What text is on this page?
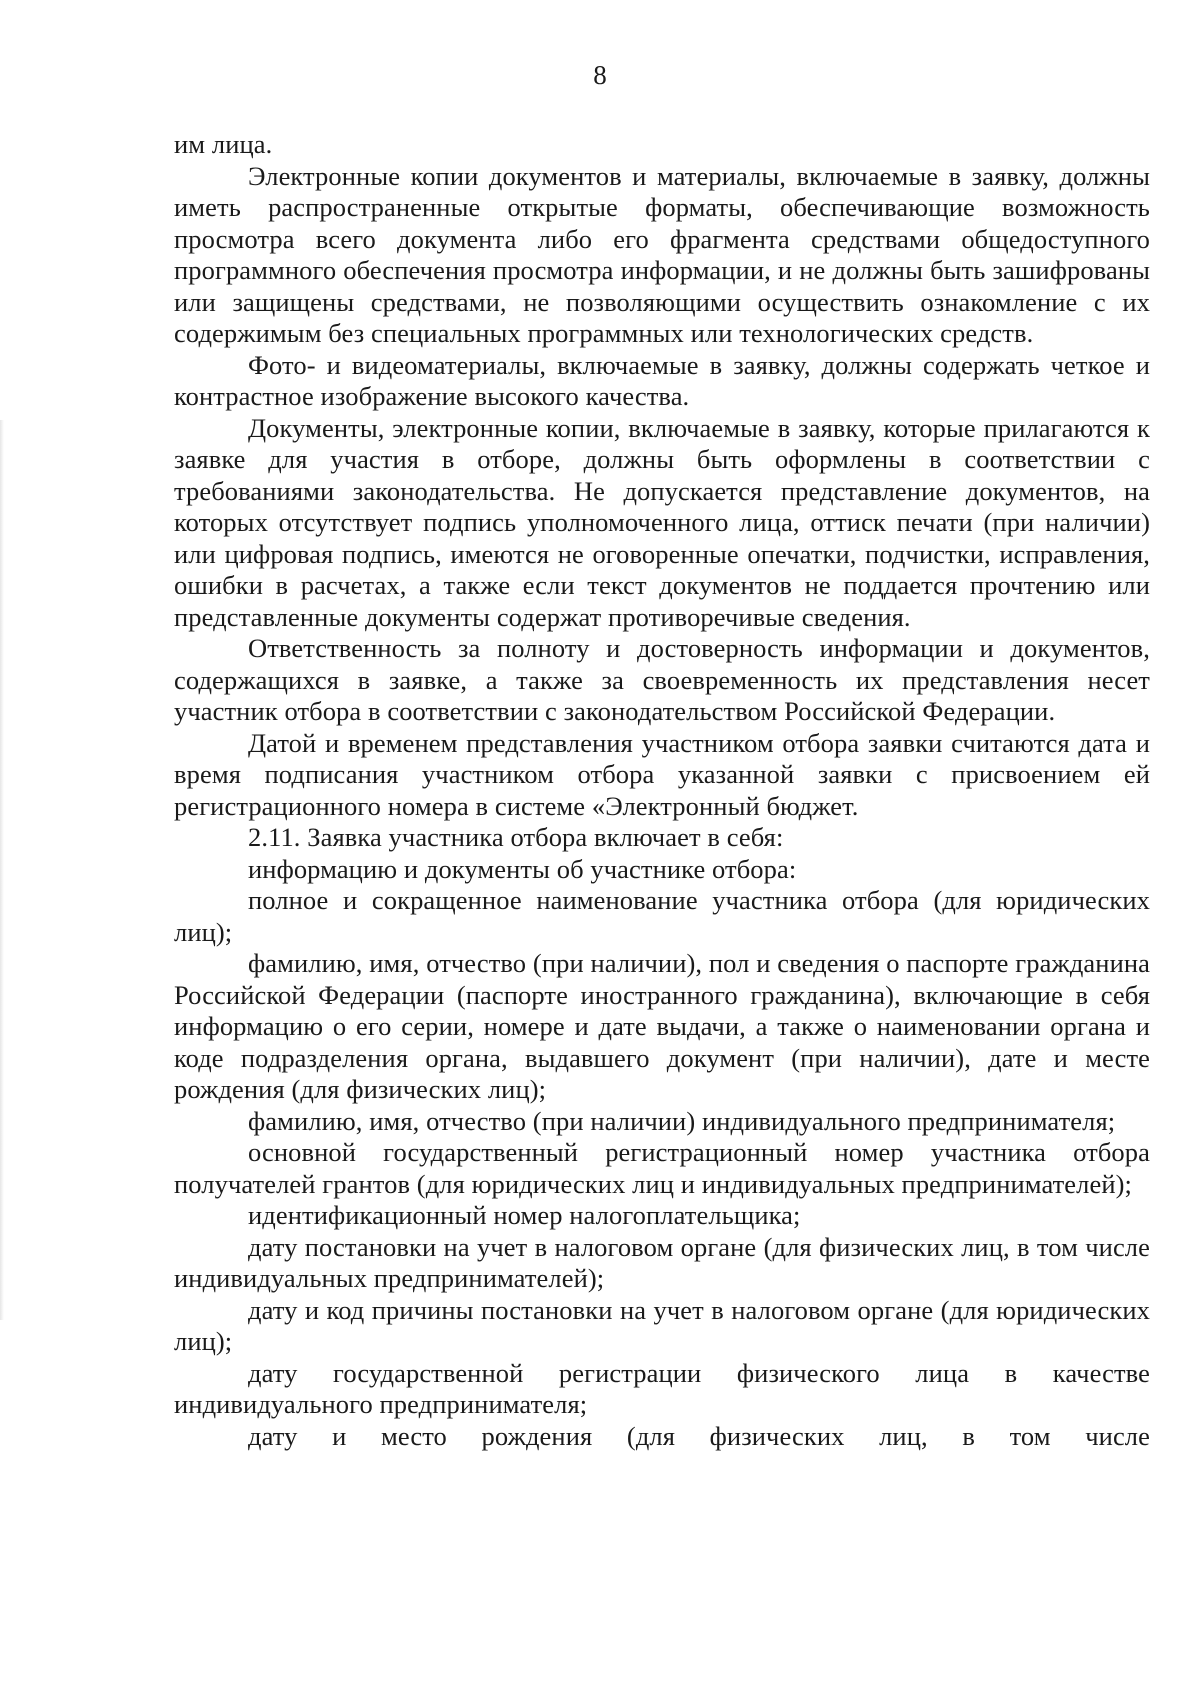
8

им лица.

Электронные копии документов и материалы, включаемые в заявку, должны иметь распространенные открытые форматы, обеспечивающие возможность просмотра всего документа либо его фрагмента средствами общедоступного программного обеспечения просмотра информации, и не должны быть зашифрованы или защищены средствами, не позволяющими осуществить ознакомление с их содержимым без специальных программных или технологических средств.

Фото- и видеоматериалы, включаемые в заявку, должны содержать четкое и контрастное изображение высокого качества.

Документы, электронные копии, включаемые в заявку, которые прилагаются к заявке для участия в отборе, должны быть оформлены в соответствии с требованиями законодательства. Не допускается представление документов, на которых отсутствует подпись уполномоченного лица, оттиск печати (при наличии) или цифровая подпись, имеются не оговоренные опечатки, подчистки, исправления, ошибки в расчетах, а также если текст документов не поддается прочтению или представленные документы содержат противоречивые сведения.

Ответственность за полноту и достоверность информации и документов, содержащихся в заявке, а также за своевременность их представления несет участник отбора в соответствии с законодательством Российской Федерации.

Датой и временем представления участником отбора заявки считаются дата и время подписания участником отбора указанной заявки с присвоением ей регистрационного номера в системе «Электронный бюджет.

2.11. Заявка участника отбора включает в себя:

информацию и документы об участнике отбора:

полное и сокращенное наименование участника отбора (для юридических лиц);

фамилию, имя, отчество (при наличии), пол и сведения о паспорте гражданина Российской Федерации (паспорте иностранного гражданина), включающие в себя информацию о его серии, номере и дате выдачи, а также о наименовании органа и коде подразделения органа, выдавшего документ (при наличии), дате и месте рождения (для физических лиц);

фамилию, имя, отчество (при наличии) индивидуального предпринимателя;

основной государственный регистрационный номер участника отбора получателей грантов (для юридических лиц и индивидуальных предпринимателей);

идентификационный номер налогоплательщика;

дату постановки на учет в налоговом органе (для физических лиц, в том числе индивидуальных предпринимателей);

дату и код причины постановки на учет в налоговом органе (для юридических лиц);

дату государственной регистрации физического лица в качестве индивидуального предпринимателя;

дату и место рождения (для физических лиц, в том числе
